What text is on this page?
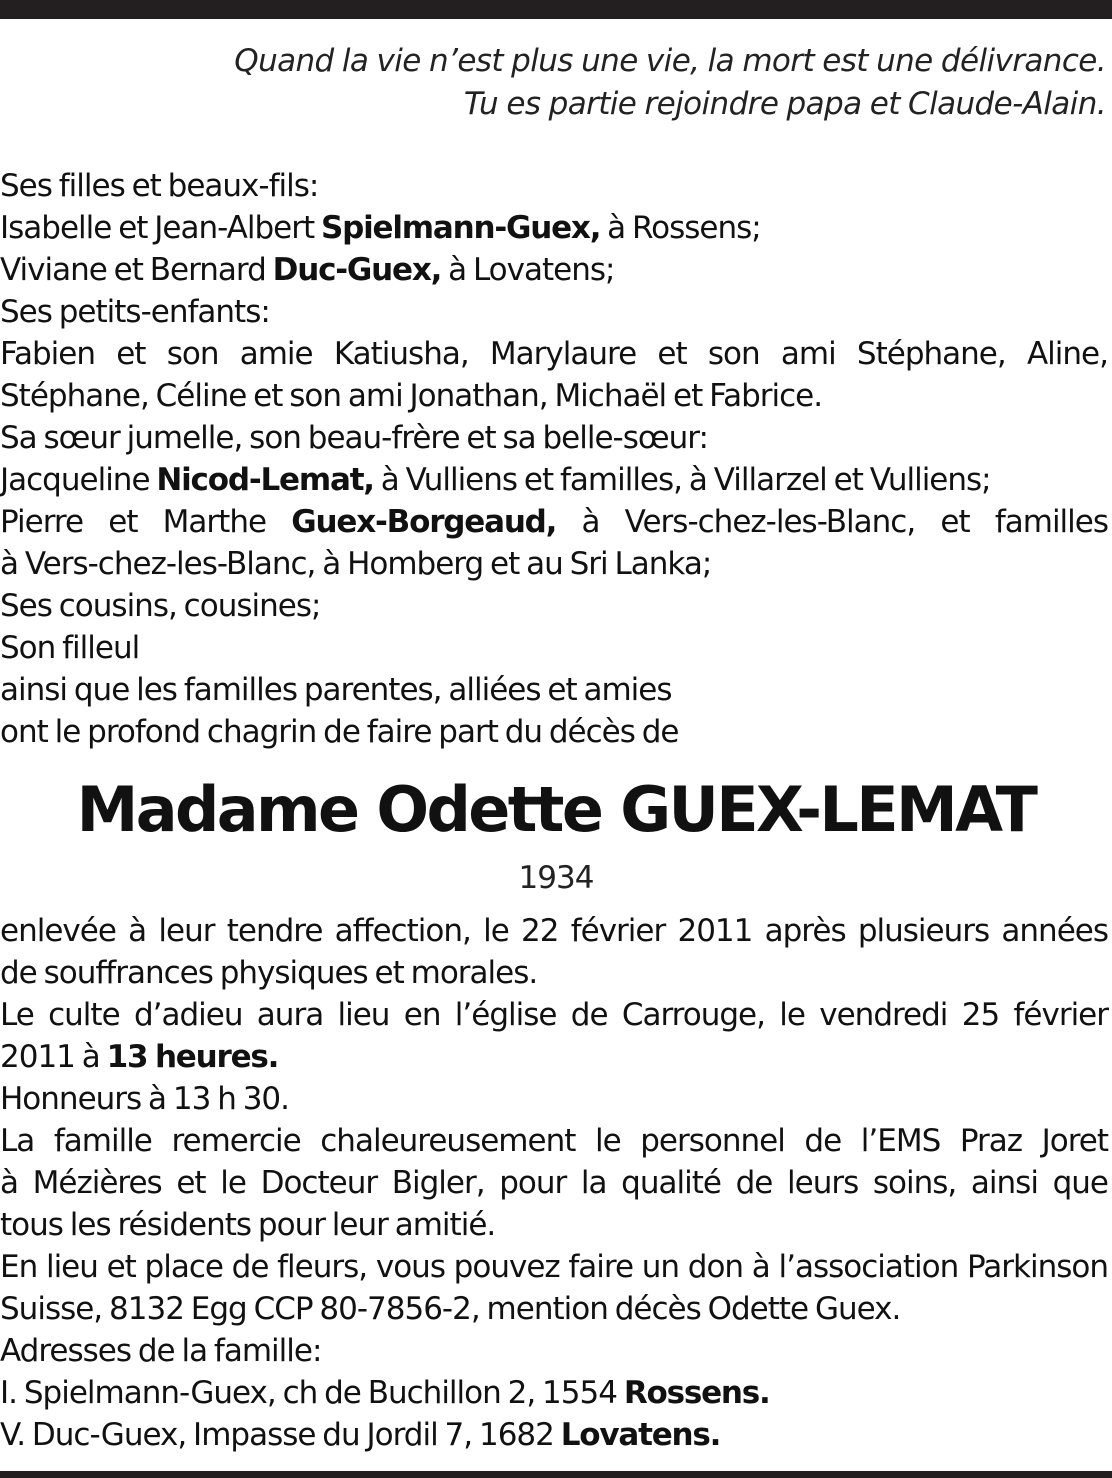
Quand la vie n’est plus une vie, la mort est une délivrance.
Tu es partie rejoindre papa et Claude-Alain.
Ses filles et beaux-fils:
Isabelle et Jean-Albert Spielmann-Guex, à Rossens;
Viviane et Bernard Duc-Guex, à Lovatens;
Ses petits-enfants:
Fabien et son amie Katiusha, Marylaure et son ami Stéphane, Aline,
Stéphane, Céline et son ami Jonathan, Michaël et Fabrice.
Sa sœur jumelle, son beau-frère et sa belle-sœur:
Jacqueline Nicod-Lemat, à Vulliens et familles, à Villarzel et Vulliens;
Pierre et Marthe Guex-Borgeaud, à Vers-chez-les-Blanc, et familles
à Vers-chez-les-Blanc, à Homberg et au Sri Lanka;
Ses cousins, cousines;
Son filleul
ainsi que les familles parentes, alliées et amies
ont le profond chagrin de faire part du décès de
Madame Odette GUEX-LEMAT
1934
enlevée à leur tendre affection, le 22 février 2011 après plusieurs années
de souffrances physiques et morales.
Le culte d’adieu aura lieu en l’église de Carrouge, le vendredi 25 février
2011 à 13 heures.
Honneurs à 13 h 30.
La famille remercie chaleureusement le personnel de l’EMS Praz Joret
à Mézières et le Docteur Bigler, pour la qualité de leurs soins, ainsi que
tous les résidents pour leur amitié.
En lieu et place de fleurs, vous pouvez faire un don à l’association Parkinson
Suisse, 8132 Egg CCP 80-7856-2, mention décès Odette Guex.
Adresses de la famille:
I. Spielmann-Guex, ch de Buchillon 2, 1554 Rossens.
V. Duc-Guex, Impasse du Jordil 7, 1682 Lovatens.
